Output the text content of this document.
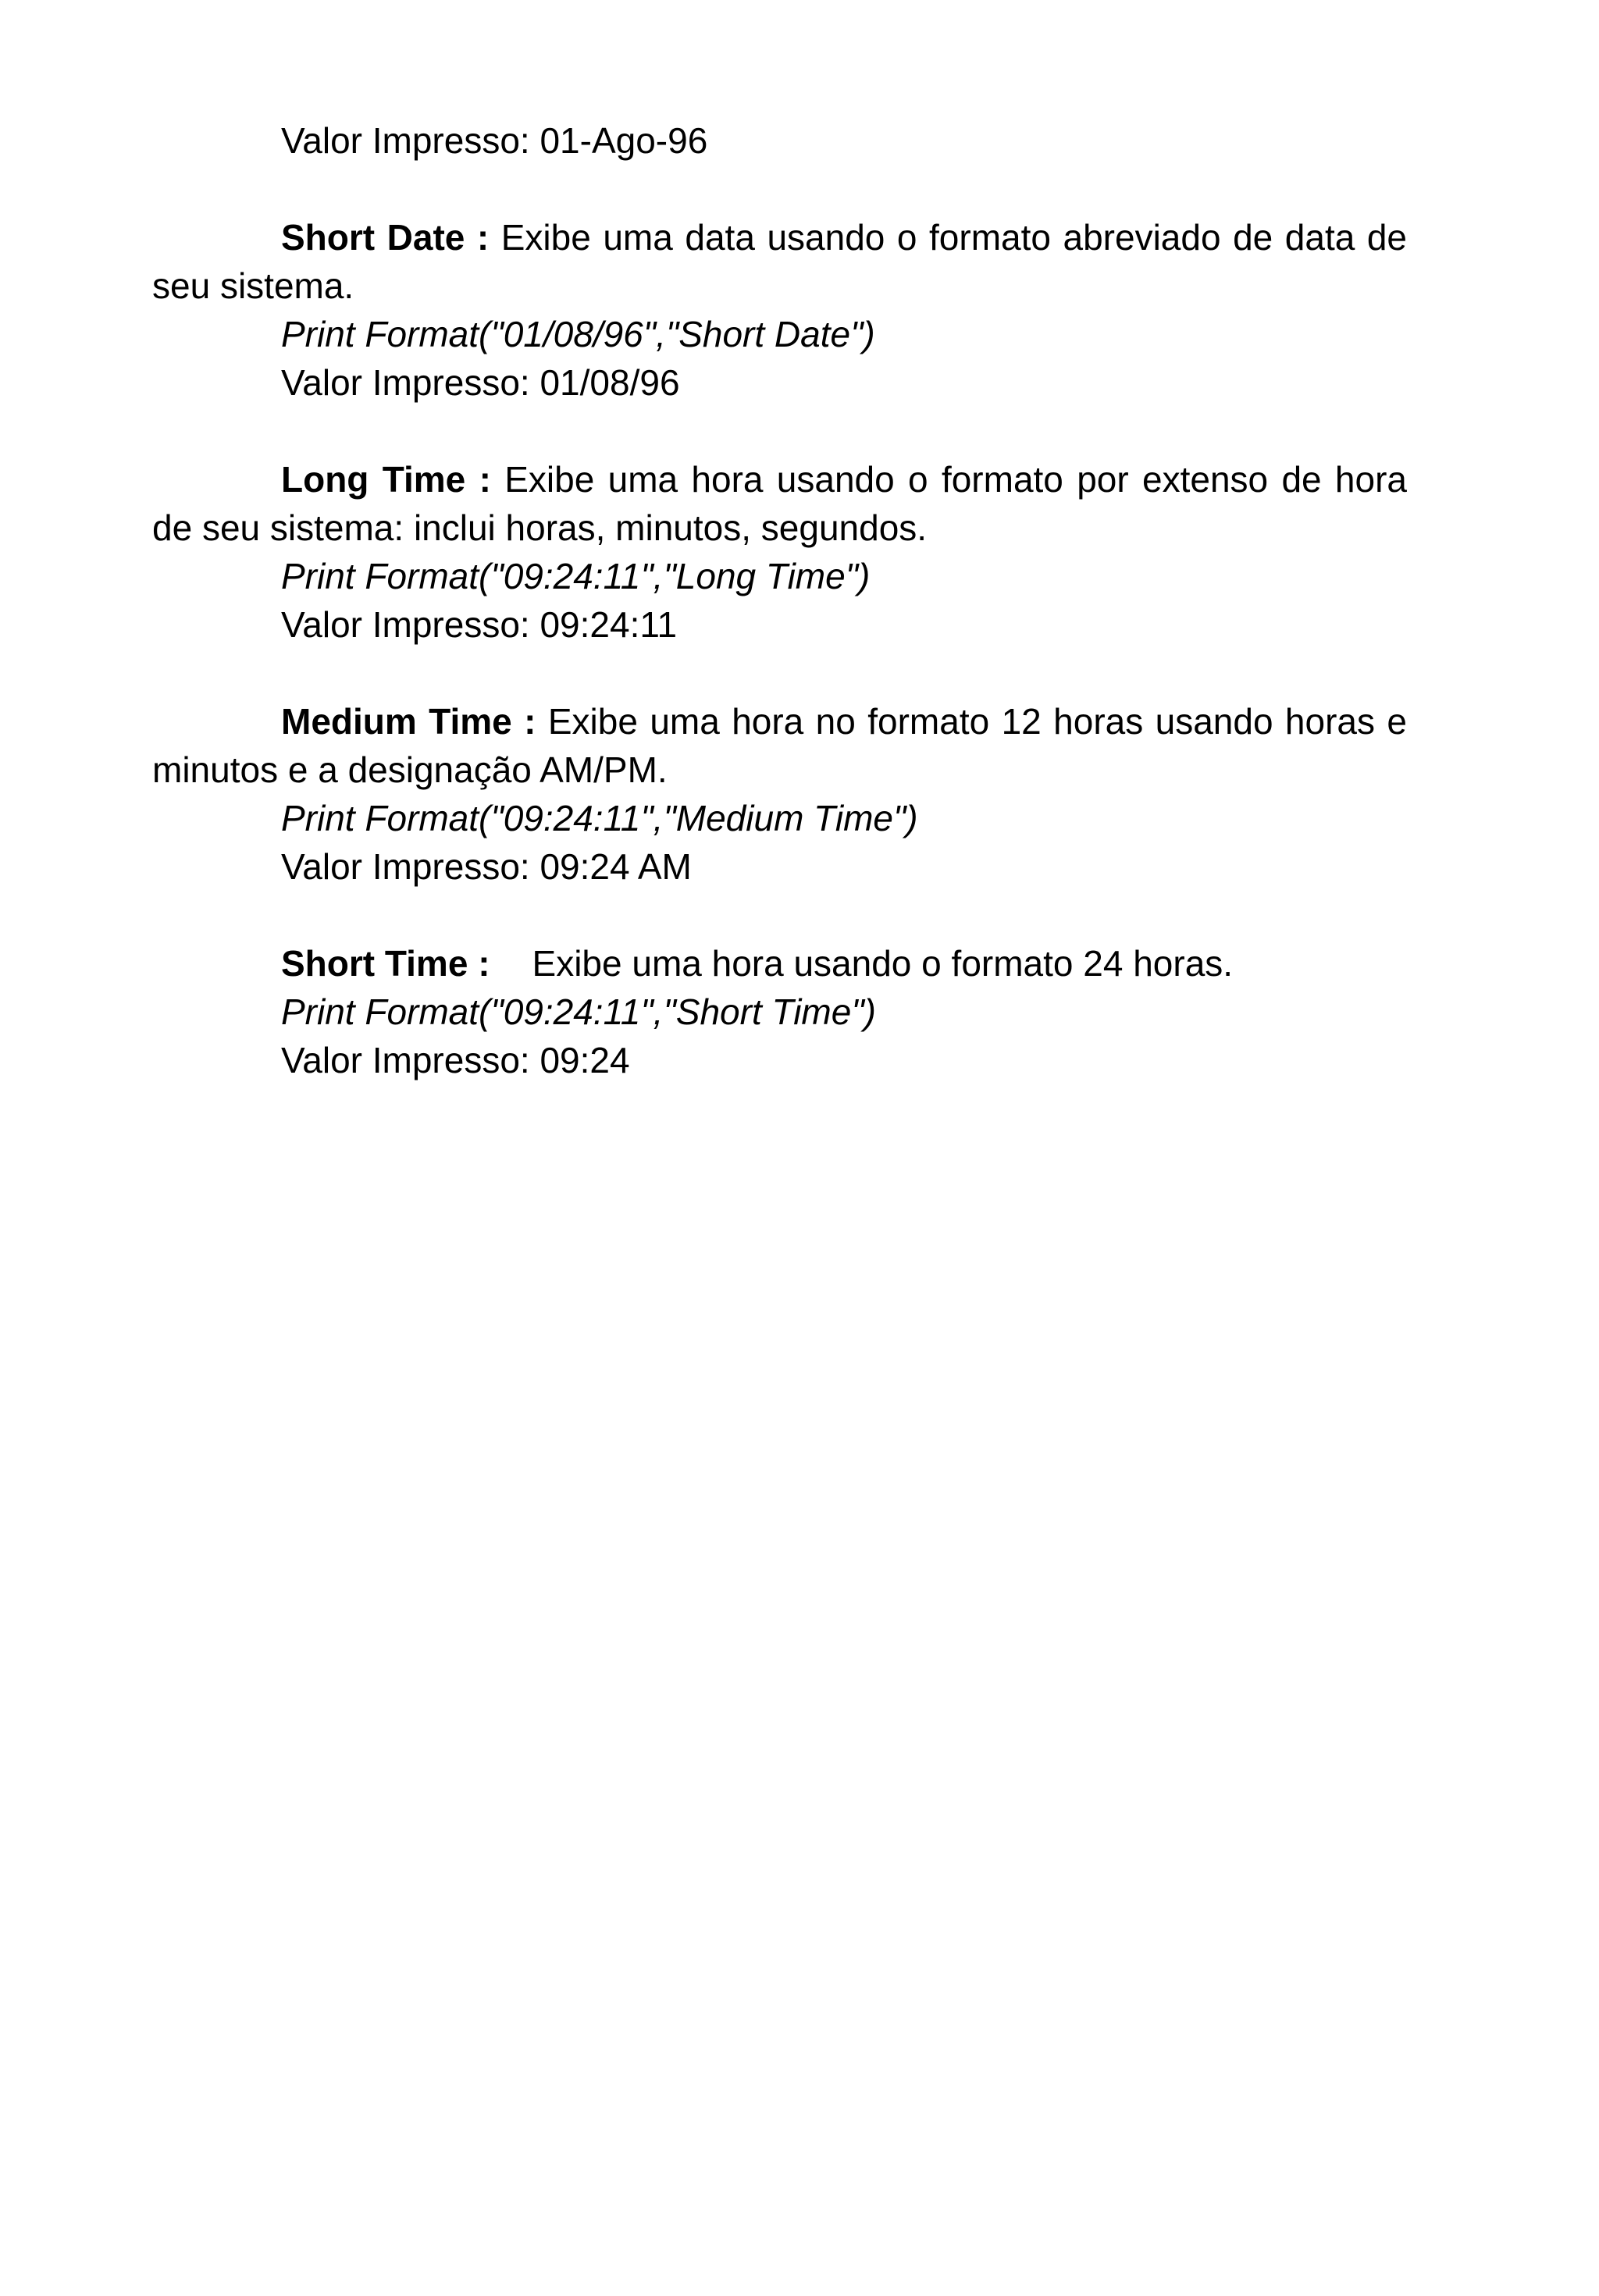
Valor Impresso: 01-Ago-96
Short Date : Exibe uma data usando o formato abreviado de data de
seu sistema.
Print Format("01/08/96","Short Date")
Valor Impresso: 01/08/96
Long Time : Exibe uma hora usando o formato por extenso de hora
de seu sistema: inclui horas, minutos, segundos.
Print Format("09:24:11","Long Time")
Valor Impresso: 09:24:11
Medium Time : Exibe uma hora no formato 12 horas usando horas e
minutos e a designação AM/PM.
Print Format("09:24:11","Medium Time")
Valor Impresso: 09:24 AM
Short Time : Exibe uma hora usando o formato 24 horas.
Print Format("09:24:11","Short Time")
Valor Impresso: 09:24
